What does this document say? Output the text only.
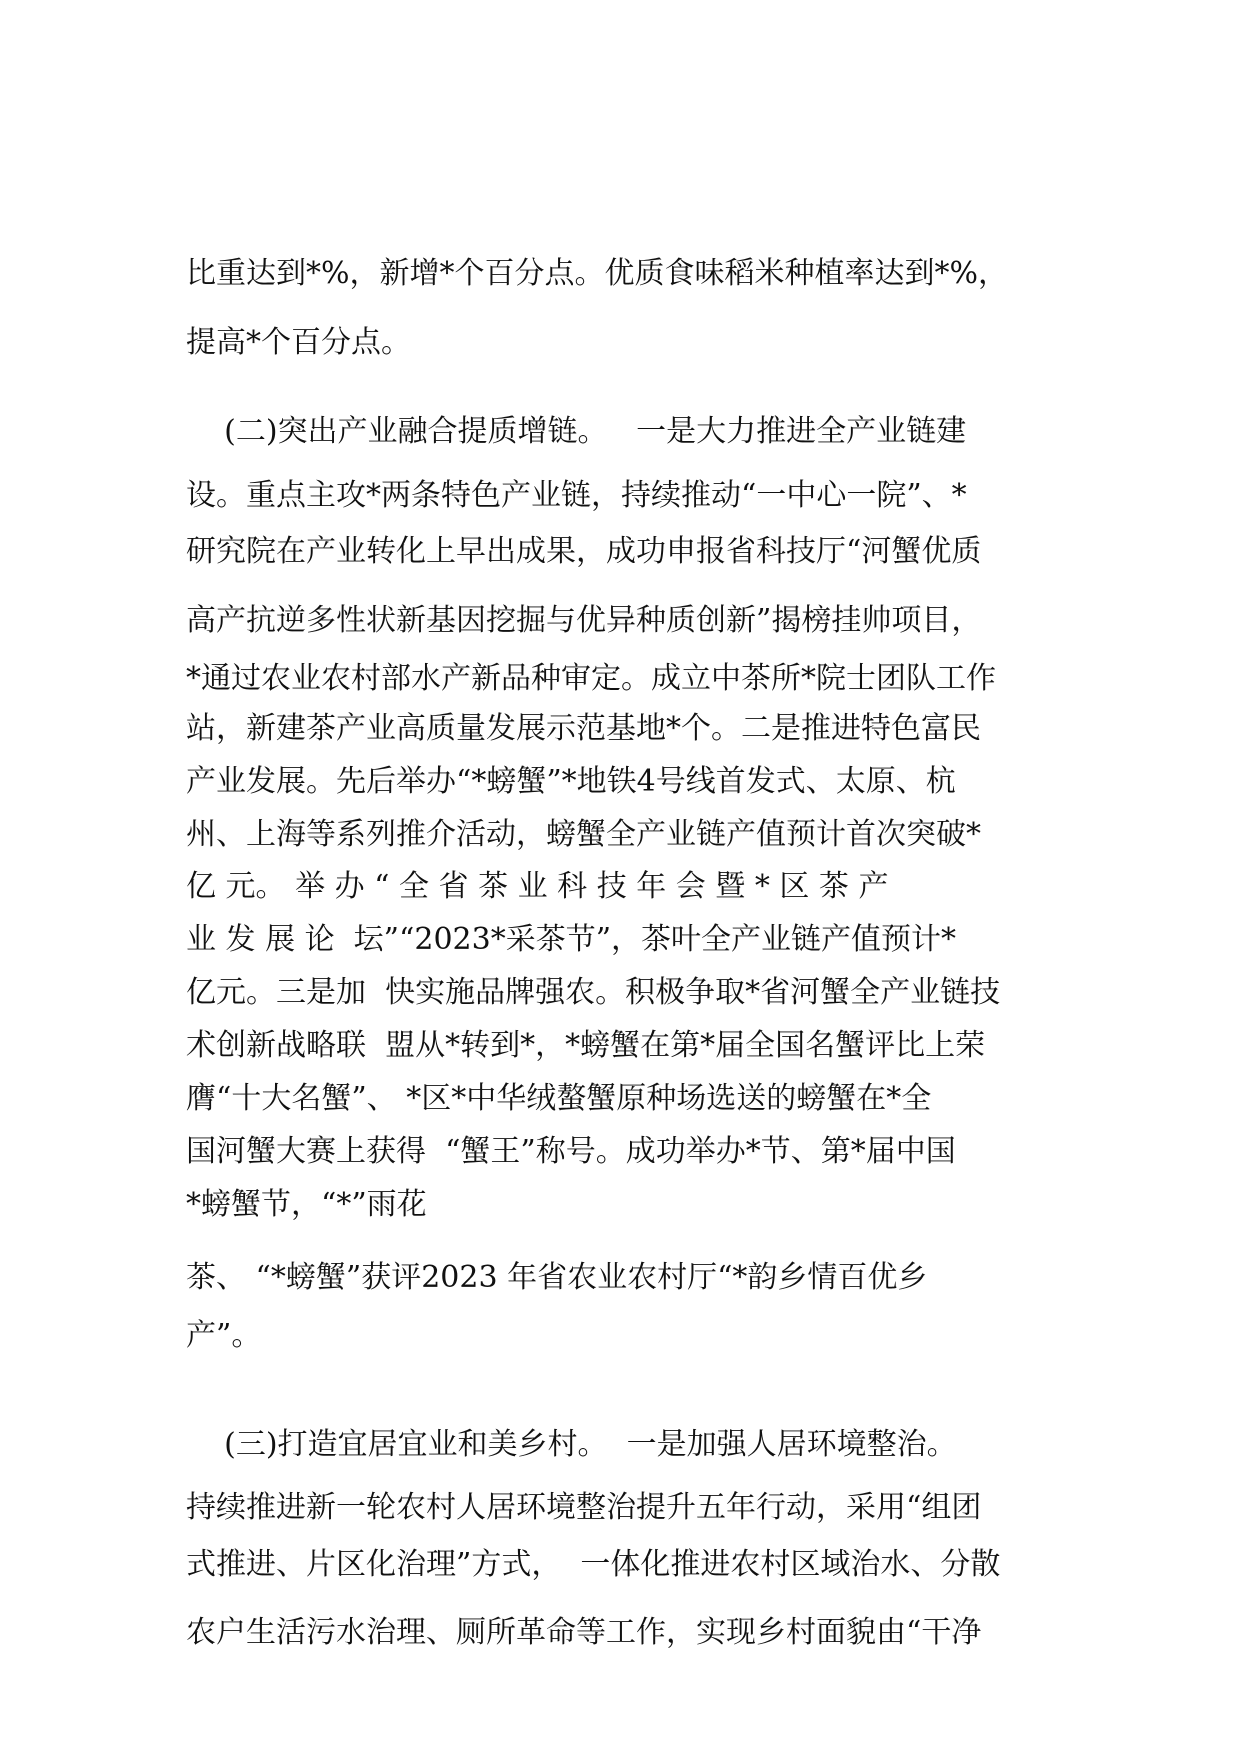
比重达到*%，新增*个百分点。优质食味稻米种植率达到*%，

提高*个百分点。

(二)突出产业融合提质增链。   一是大力推进全产业链建

设。重点主攻*两条特色产业链，持续推动“一中心一院”、*

研究院在产业转化上早出成果，成功申报省科技厅“河蟹优质

高产抗逆多性状新基因挖掘与优异种质创新”揭榜挂帅项目，

*通过农业农村部水产新品种审定。成立中茶所*院士团队工作

站，新建茶产业高质量发展示范基地*个。二是推进特色富民

产业发展。先后举办“*螃蟹”*地铁4号线首发式、太原、杭

州、上海等系列推介活动，螃蟹全产业链产值预计首次突破*

亿 元。 举 办 “ 全 省 茶 业 科 技 年 会 暨 * 区 茶 产

业 发 展 论  坛”“2023*采茶节”，茶叶全产业链产值预计*

亿元。三是加  快实施品牌强农。积极争取*省河蟹全产业链技

术创新战略联  盟从*转到*，*螃蟹在第*届全国名蟹评比上荣

膺“十大名蟹”、 *区*中华绒螯蟹原种场选送的螃蟹在*全

国河蟹大赛上获得  “蟹王”称号。成功举办*节、第*届中国

*螃蟹节，“*”雨花

茶、 “*螃蟹”获评2023 年省农业农村厅“*韵乡情百优乡

产”。

(三)打造宜居宜业和美乡村。  一是加强人居环境整治。

持续推进新一轮农村人居环境整治提升五年行动，采用“组团

式推进、片区化治理”方式，  一体化推进农村区域治水、分散

农户生活污水治理、厕所革命等工作，实现乡村面貌由“干净
